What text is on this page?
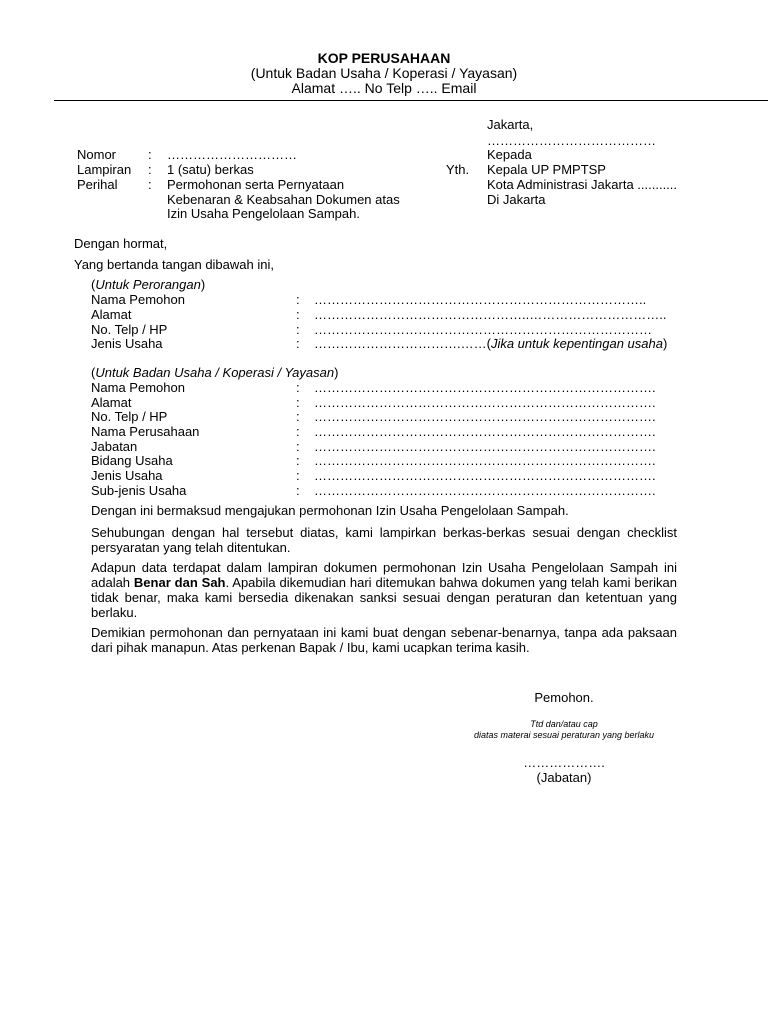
KOP PERUSAHAAN
(Untuk Badan Usaha / Koperasi / Yayasan)
Alamat ….. No Telp ….. Email
Jakarta,
…………………………………
Nomor : …………………………
Lampiran : 1 (satu) berkas
Perihal : Permohonan serta Pernyataan
Kebenaran & Keabsahan Dokumen atas
Izin Usaha Pengelolaan Sampah.
Kepada
Yth. Kepala UP PMPTSP
Kota Administrasi Jakarta ...........
Di Jakarta
Dengan hormat,
Yang bertanda tangan dibawah ini,
(Untuk Perorangan)
Nama Pemohon	: …………………………………………………………………..
Alamat	: …………………………………………..…………………………..
No. Telp / HP	: ……………………………………………………………………
Jenis Usaha	: …………………………….……(Jika untuk kepentingan usaha)
(Untuk Badan Usaha / Koperasi / Yayasan)
Nama Pemohon	: …………………………………………………………………….
Alamat	: …………………………………………………………………….
No. Telp / HP	: …………………………………………………………………….
Nama Perusahaan	: …………………………………………………………………….
Jabatan	: …………………………………………………………………….
Bidang Usaha	: …………………………………………………………………….
Jenis Usaha	: …………………………………………………………………….
Sub-jenis Usaha	: …………………………………………………………………….
Dengan ini bermaksud mengajukan permohonan Izin Usaha Pengelolaan Sampah.
Sehubungan dengan hal tersebut diatas, kami lampirkan berkas-berkas sesuai dengan checklist persyaratan yang telah ditentukan.
Adapun data terdapat dalam lampiran dokumen permohonan Izin Usaha Pengelolaan Sampah ini adalah Benar dan Sah. Apabila dikemudian hari ditemukan bahwa dokumen yang telah kami berikan tidak benar, maka kami bersedia dikenakan sanksi sesuai dengan peraturan dan ketentuan yang berlaku.
Demikian permohonan dan pernyataan ini kami buat dengan sebenar-benarnya, tanpa ada paksaan dari pihak manapun. Atas perkenan Bapak / Ibu, kami ucapkan terima kasih.
Pemohon.
Ttd dan/atau cap
diatas materai sesuai peraturan yang berlaku
……………….
(Jabatan)
